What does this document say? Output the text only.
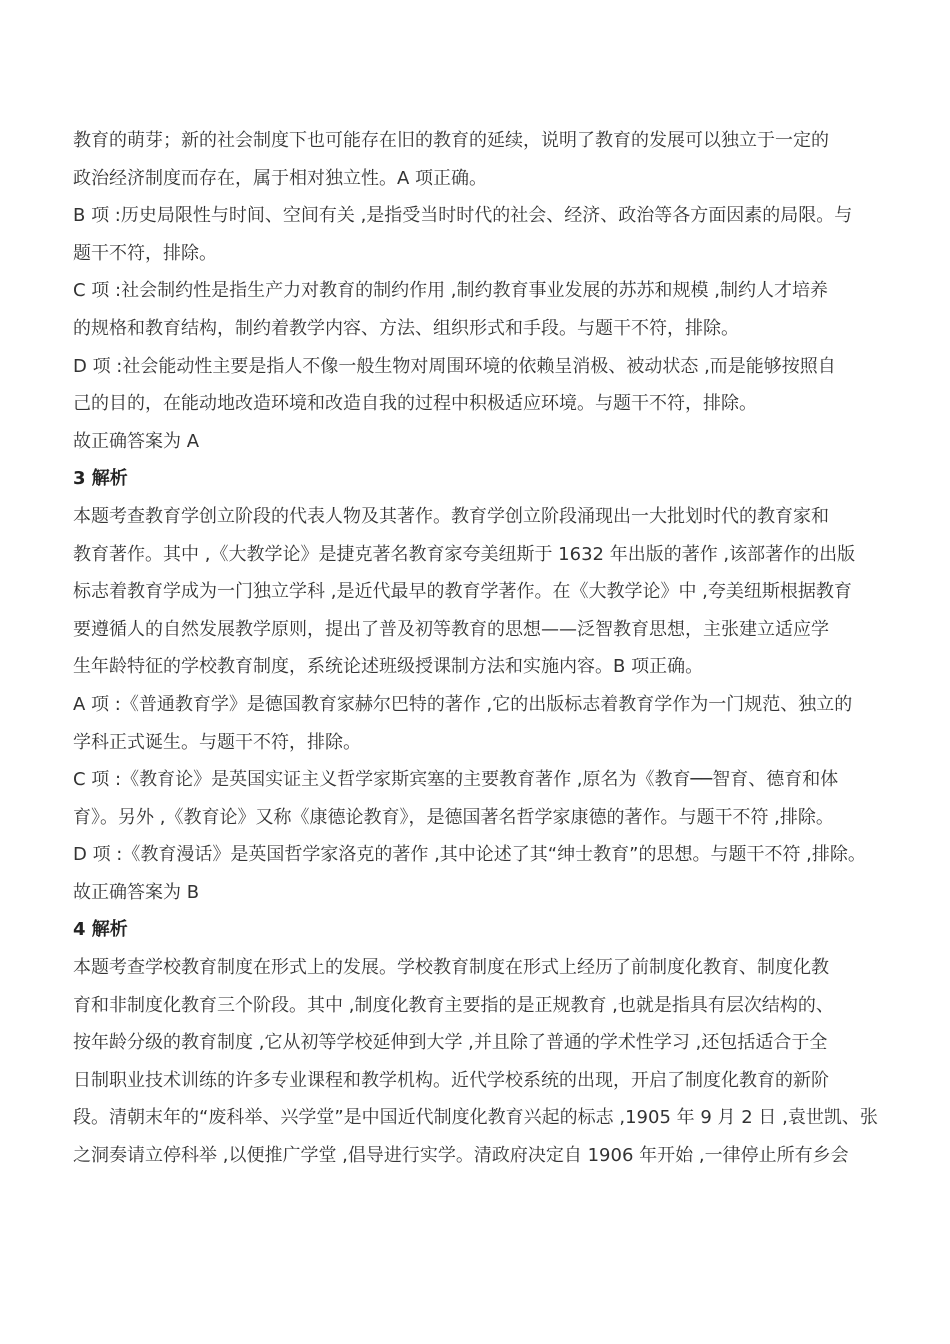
教育的萌芽；新的社会制度下也可能存在旧的教育的延续，说明了教育的发展可以独立于一定的
政治经济制度而存在，属于相对独立性。A 项正确。
B 项 :历史局限性与时间、空间有关 ,是指受当时时代的社会、经济、政治等各方面因素的局限。与
题干不符，排除。
C 项 :社会制约性是指生产力对教育的制约作用 ,制约教育事业发展的苏苏和规模 ,制约人才培养
的规格和教育结构，制约着教学内容、方法、组织形式和手段。与题干不符，排除。
D 项 :社会能动性主要是指人不像一般生物对周围环境的依赖呈消极、被动状态 ,而是能够按照自
己的目的，在能动地改造环境和改造自我的过程中积极适应环境。与题干不符，排除。
故正确答案为 A
3 解析
本题考查教育学创立阶段的代表人物及其著作。教育学创立阶段涌现出一大批划时代的教育家和
教育著作。其中 ,《大教学论》是捷克著名教育家夸美纽斯于 1632 年出版的著作 ,该部著作的出版
标志着教育学成为一门独立学科 ,是近代最早的教育学著作。在《大教学论》中 ,夸美纽斯根据教育
要遵循人的自然发展教学原则，提出了普及初等教育的思想——泛智教育思想，主张建立适应学
生年龄特征的学校教育制度，系统论述班级授课制方法和实施内容。B 项正确。
A 项 :《普通教育学》是德国教育家赫尔巴特的著作 ,它的出版标志着教育学作为一门规范、独立的
学科正式诞生。与题干不符，排除。
C 项 :《教育论》是英国实证主义哲学家斯宾塞的主要教育著作 ,原名为《教育──智育、德育和体
育》。另外 ,《教育论》又称《康德论教育》，是德国著名哲学家康德的著作。与题干不符 ,排除。
D 项 :《教育漫话》是英国哲学家洛克的著作 ,其中论述了其“绅士教育”的思想。与题干不符 ,排除。
故正确答案为 B
4 解析
本题考查学校教育制度在形式上的发展。学校教育制度在形式上经历了前制度化教育、制度化教
育和非制度化教育三个阶段。其中 ,制度化教育主要指的是正规教育 ,也就是指具有层次结构的、
按年龄分级的教育制度 ,它从初等学校延伸到大学 ,并且除了普通的学术性学习 ,还包括适合于全
日制职业技术训练的许多专业课程和教学机构。近代学校系统的出现，开启了制度化教育的新阶
段。清朝末年的“废科举、兴学堂”是中国近代制度化教育兴起的标志 ,1905 年 9 月 2 日 ,袁世凯、张
之洞奏请立停科举 ,以便推广学堂 ,倡导进行实学。清政府决定自 1906 年开始 ,一律停止所有乡会
